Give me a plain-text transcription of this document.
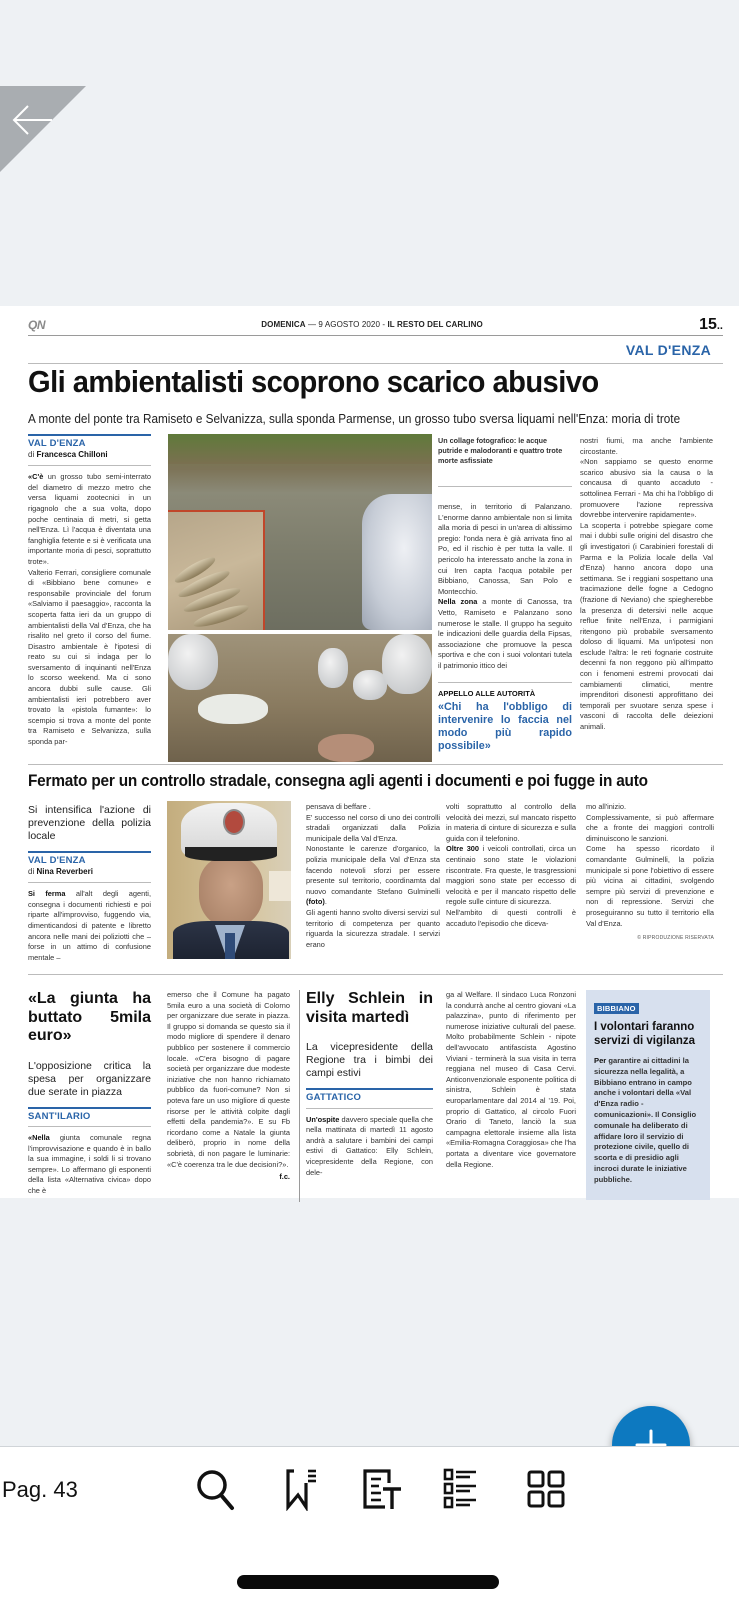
QN	DOMENICA — 9 AGOSTO 2020 - IL RESTO DEL CARLINO	15..
VAL D'ENZA
Gli ambientalisti scoprono scarico abusivo
A monte del ponte tra Ramiseto e Selvanizza, sulla sponda Parmense, un grosso tubo sversa liquami nell'Enza: moria di trote
VAL D'ENZA
di Francesca Chilloni

«C'è un grosso tubo semi-interrato del diametro di mezzo metro che versa liquami zootecnici in un rigagnolo che a sua volta, dopo poche centinaia di metri, si getta nell'Enza. Lì l'acqua è diventata una fanghiglia fetente e si è verificata una importante moria di pesci, soprattutto trote».

Valterio Ferrari, consigliere comunale di «Bibbiano bene comune» e responsabile provinciale del forum «Salviamo il paesaggio», racconta la scoperta fatta ieri da un gruppo di ambientalisti della Val d'Enza, che ha risalito nel greto il corso del fiume. Disastro ambientale è l'ipotesi di reato su cui si indaga per lo sversamento di inquinanti nell'Enza lo scorso weekend. Ma ci sono ancora dubbi sulle cause. Gli ambientalisti ieri potrebbero aver trovato la «pistola fumante»: lo scempio si trova a monte del ponte tra Ramiseto e Selvanizza, sulla sponda par-

Un collage fotografico: le acque putride e malodoranti e quattro trote morte asfissiate

mense, in territorio di Palanzano. L'enorme danno ambientale non si limita alla moria di pesci in un'area di altissimo pregio: l'onda nera è già arrivata fino al Po, ed il rischio è per tutta la valle. Il pericolo ha interessato anche la zona in cui Iren capta l'acqua potabile per Bibbiano, Canossa, San Polo e Montecchio.

Nella zona a monte di Canossa, tra Vetto, Ramiseto e Palanzano sono numerose le stalle. Il gruppo ha seguito le indicazioni delle guardia della Fipsas, associazione che promuove la pesca sportiva e che con i suoi volontari tutela il patrimonio ittico dei

APPELLO ALLE AUTORITÀ
«Chi ha l'obbligo di intervenire lo faccia nel modo più rapido possibile»

nostri fiumi, ma anche l'ambiente circostante.

«Non sappiamo se questo enorme scarico abusivo sia la causa o la concausa di quanto accaduto - sottolinea Ferrari - Ma chi ha l'obbligo di promuovere l'azione repressiva dovrebbe intervenire rapidamente».

La scoperta i potrebbe spiegare come mai i dubbi sulle origini del disastro che gli investigatori (i Carabinieri forestali di Parma e la Polizia locale della Val d'Enza) hanno ancora dopo una settimana. Se i reggiani sospettano una tracimazione delle fogne a Cedogno (frazione di Neviano) che spiegherebbe la presenza di detersivi nelle acque reflue finite nell'Enza, i parmigiani ritengono più probabile sversamento doloso di liquami. Ma un'ipotesi non esclude l'altra: le reti fognarie costruite decenni fa non reggono più all'impatto con i fenomeni estremi provocati dai cambiamenti climatici, mentre imprenditori disonesti approfittano dei temporali per svuotare senza spese i vasconi di raccolta delle deiezioni animali.

Fermato per un controllo stradale, consegna agli agenti i documenti e poi fugge in auto
Si intensifica l'azione di prevenzione della polizia locale
VAL D'ENZA
di Nina Reverberi

Si ferma all'alt degli agenti, consegna i documenti richiesti e poi riparte all'improvviso, fuggendo via, dimenticandosi di patente e libretto ancora nelle mani dei poliziotti che – forse in un attimo di confusione mentale –

pensava di beffare .

E' successo nel corso di uno dei controlli stradali organizzati dalla Polizia municipale della Val d'Enza.

Nonostante le carenze d'organico, la polizia municipale della Val d'Enza sta facendo notevoli sforzi per essere presente sul territorio, coordinamta dal nuovo comandante Stefano Gulminelli (foto).

Gli agenti hanno svolto diversi servizi sul territorio di competenza per quanto riguarda la sicurezza stradale. I servizi erano

volti soprattutto al controllo della velocità dei mezzi, sul mancato rispetto in materia di cinture di sicurezza e sulla guida con il telefonino.

Oltre 300 i veicoli controllati, circa un centinaio sono state le violazioni riscontrate. Fra queste, le trasgressioni maggiori sono state per eccesso di velocità e per il mancato rispetto delle regole sulle cinture di sicurezza.

Nell'ambito di questi controlli è accaduto l'episodio che diceva-

mo all'inizio.

Complessivamente, si può affermare che a fronte dei maggiori controlli diminuiscono le sanzioni.

Come ha spesso ricordato il comandante Gulminelli, la polizia municipale si pone l'obiettivo di essere più vicina ai cittadini, svolgendo sempre più servizi di prevenzione e non di repressione. Servizi che proseguiranno su tutto il territorio ella Val d'Enza.

© RIPRODUZIONE RISERVATA
«La giunta ha buttato 5mila euro»
L'opposizione critica la spesa per organizzare due serate in piazza
SANT'ILARIO

«Nella giunta comunale regna l'improvvisazione e quando è in ballo la sua immagine, i soldi li si trovano sempre». Lo affermano gli esponenti della lista «Alternativa civica» dopo che è

emerso che il Comune ha pagato 5mila euro a una società di Colorno per organizzare due serate in piazza. Il gruppo si domanda se questo sia il modo migliore di spendere il denaro pubblico per sostenere il commercio locale. «C'era bisogno di pagare società per organizzare due modeste iniziative che non hanno richiamato pubblico da fuori-comune? Non si poteva fare un uso migliore di queste risorse per le attività colpite dagli effetti della pandemia?». E su Fb ricordano come a Natale la giunta deliberò, proprio in nome della sobrietà, di non pagare le luminarie: «C'è coerenza tra le due decisioni?».

f.c.
Elly Schlein in visita martedì
La vicepresidente della Regione tra i bimbi dei campi estivi
GATTATICO

Un'ospite davvero speciale quella che nella mattinata di martedì 11 agosto andrà a salutare i bambini dei campi estivi di Gattatico: Elly Schlein, vicepresidente della Regione, con dele-

ga al Welfare. Il sindaco Luca Ronzoni la condurrà anche al centro giovani «La palazzina», punto di riferimento per numerose iniziative culturali del paese. Molto probabilmente Schlein - nipote dell'avvocato antifascista Agostino Viviani - terminerà la sua visita in terra reggiana nel museo di Casa Cervi. Anticonvenzionale esponente politica di sinistra, Schlein è stata europarlamentare dal 2014 al '19. Poi, proprio di Gattatico, al circolo Fuori Orario di Taneto, lanciò la sua campagna elettorale insieme alla lista «Emilia-Romagna Coraggiosa» che l'ha portata a diventare vice governatore della Regione.

BIBBIANO
I volontari faranno servizi di vigilanza

Per garantire ai cittadini la sicurezza nella legalità, a Bibbiano entrano in campo anche i volontari della «Val d'Enza radio - comunicazioni». Il Consiglio comunale ha deliberato di affidare loro il servizio di protezione civile, quello di scorta e di presidio agli incroci durate le iniziative pubbliche.

Pag. 43
